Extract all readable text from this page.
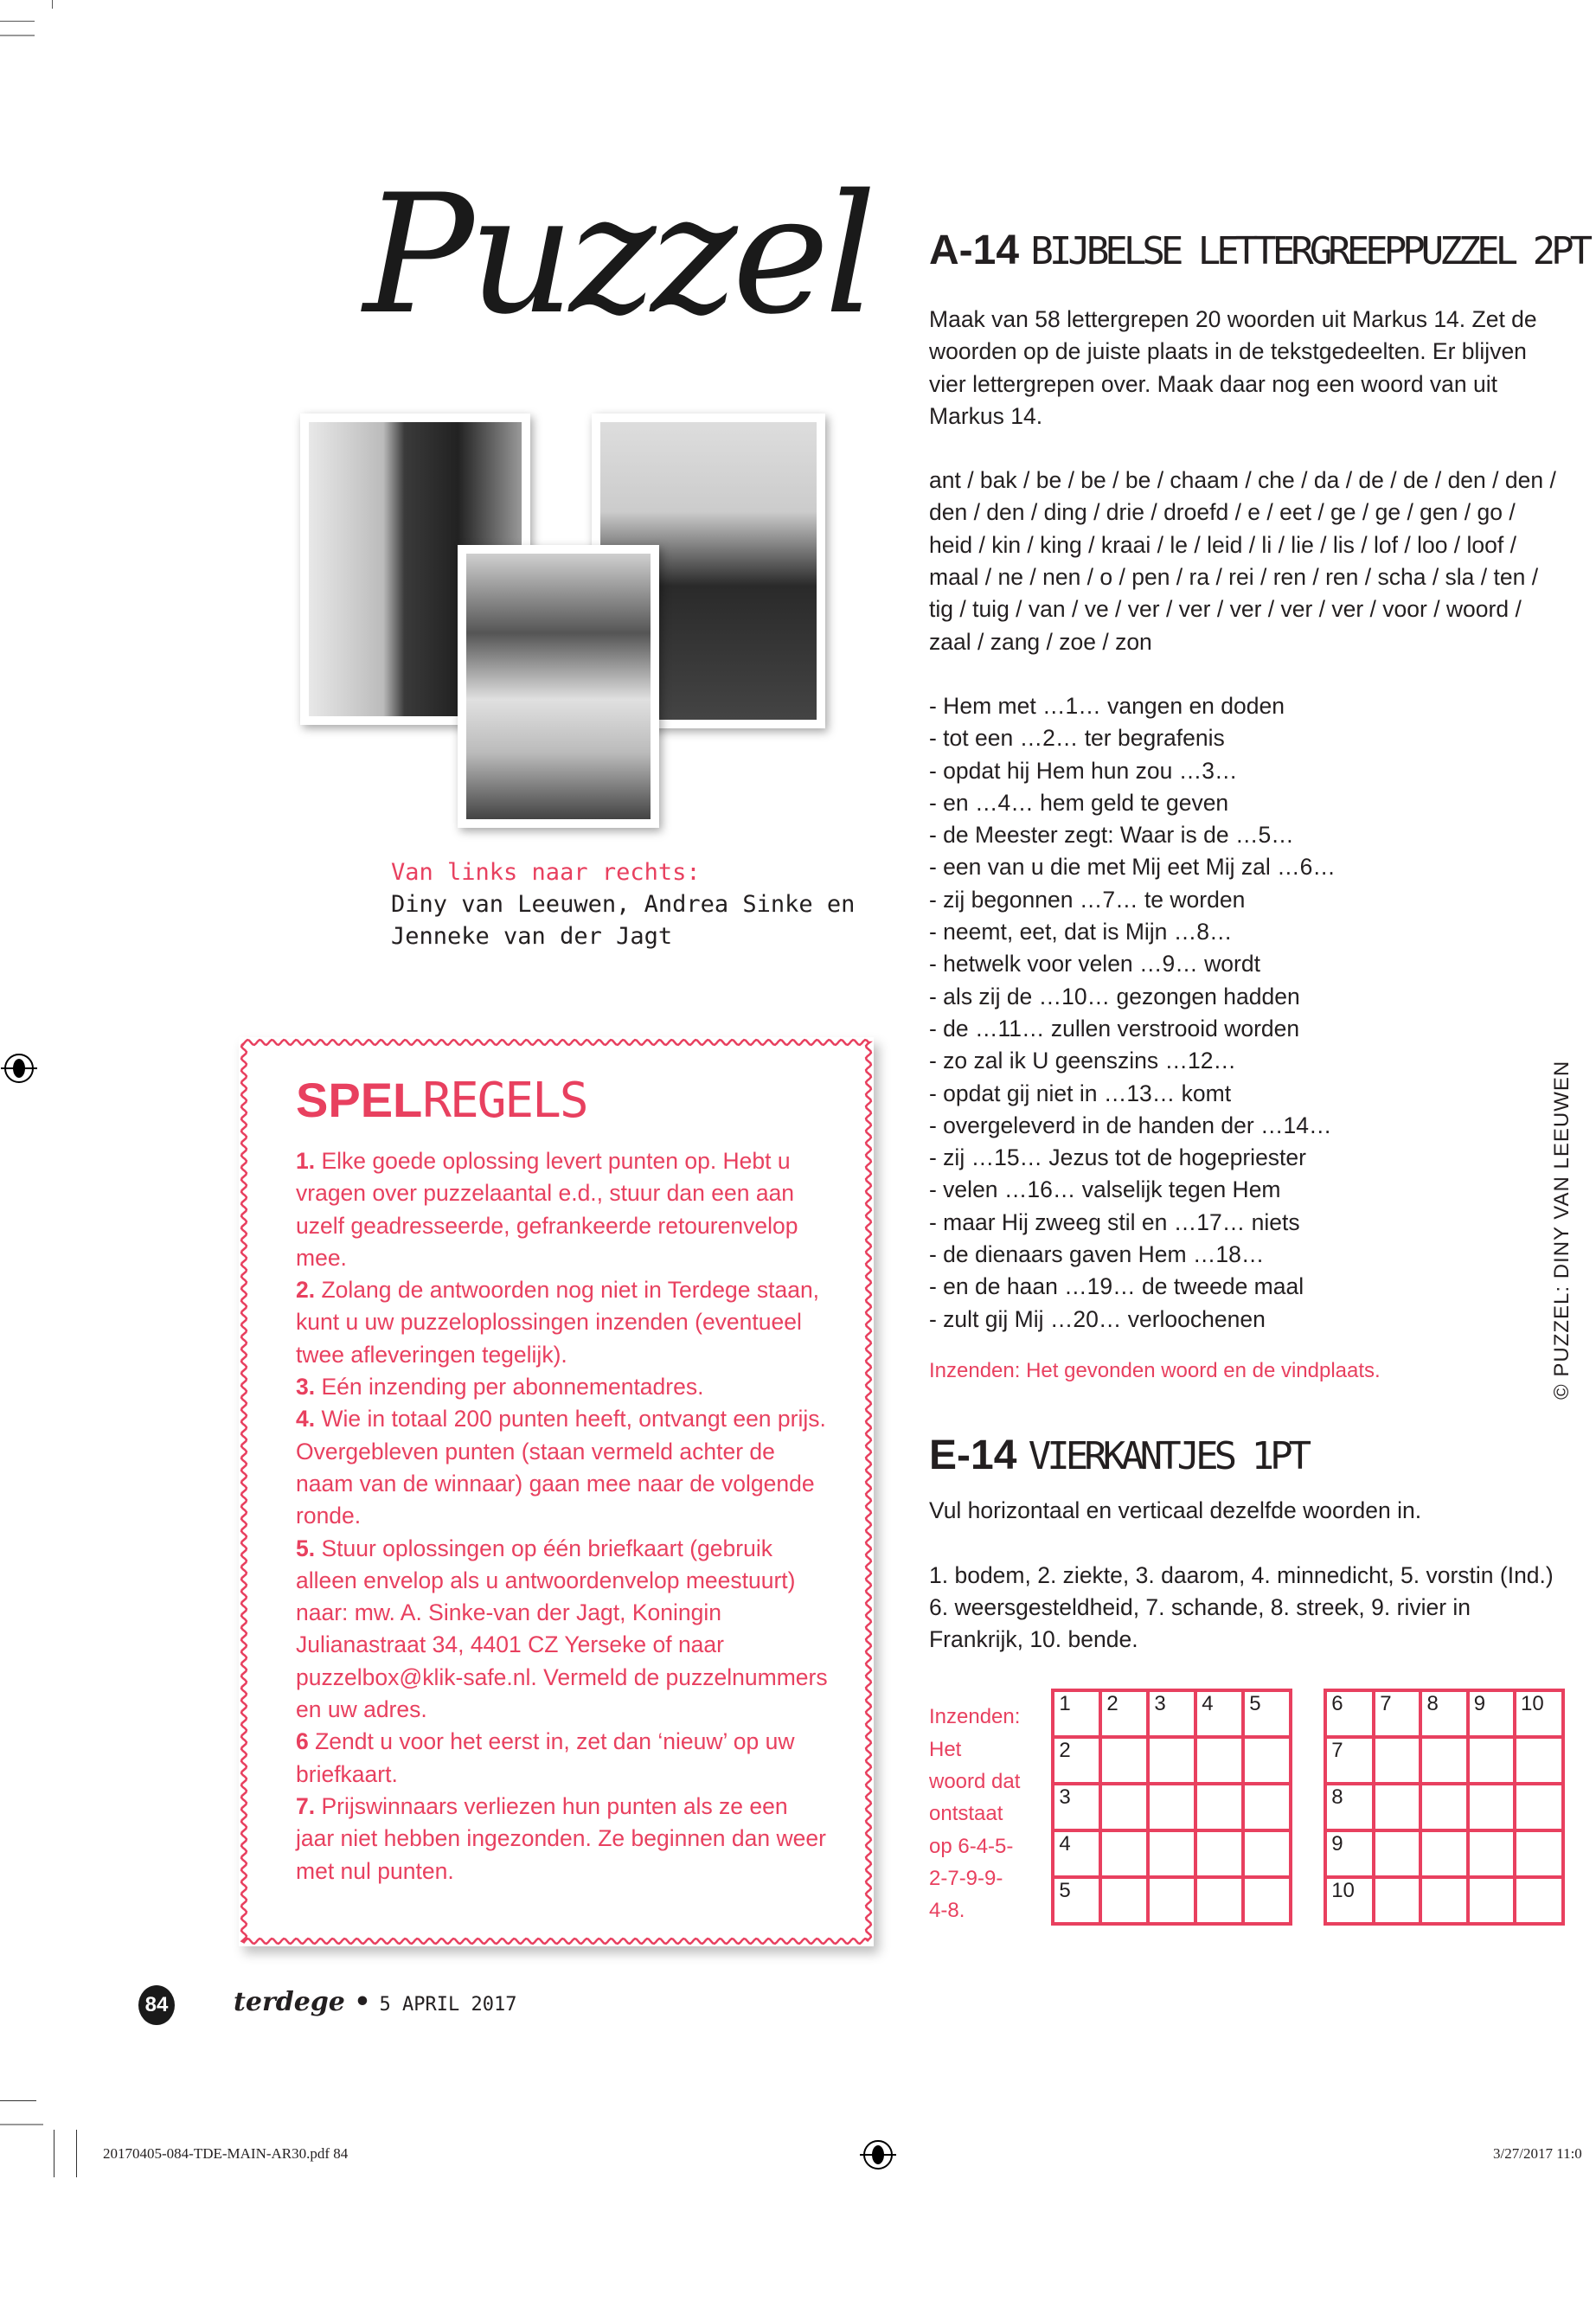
Puzzel
Van links naar rechts:
Diny van Leeuwen, Andrea Sinke en
Jenneke van der Jagt
SPELREGELS

1. Elke goede oplossing levert punten op. Hebt u vragen over puzzelaantal e.d., stuur dan een aan uzelf geadresseerde, gefrankeerde retourenvelop mee.

2. Zolang de antwoorden nog niet in Terdege staan, kunt u uw puzzeloplossingen inzenden (eventueel twee afleveringen tegelijk).

3. Eén inzending per abonnementadres.

4. Wie in totaal 200 punten heeft, ontvangt een prijs. Overgebleven punten (staan vermeld achter de naam van de winnaar) gaan mee naar de volgende ronde.

5. Stuur oplossingen op één briefkaart (gebruik alleen envelop als u antwoordenvelop meestuurt) naar: mw. A. Sinke-van der Jagt, Koningin Julianastraat 34, 4401 CZ Yerseke of naar puzzelbox@klik-safe.nl. Vermeld de puzzelnummers en uw adres.

6 Zendt u voor het eerst in, zet dan ‘nieuw’ op uw briefkaart.

7. Prijswinnaars verliezen hun punten als ze een jaar niet hebben ingezonden. Ze beginnen dan weer met nul punten.

A-14 BIJBELSE LETTERGREEPPUZZEL 2PT
Maak van 58 lettergrepen 20 woorden uit Markus 14. Zet de woorden op de juiste plaats in de tekstgedeelten. Er blijven vier lettergrepen over. Maak daar nog een woord van uit Markus 14.
ant / bak / be / be / be / chaam / che / da / de / de / den / den / den / den / ding / drie / droefd / e / eet / ge / ge / gen / go / heid / kin / king / kraai / le / leid / li / lie / lis / lof / loo / loof / maal / ne / nen / o / pen / ra / rei / ren / ren / scha / sla / ten / tig / tuig / van / ve / ver / ver / ver / ver / ver / voor / woord / zaal / zang / zoe / zon
- Hem met …1… vangen en doden
- tot een …2… ter begrafenis
- opdat hij Hem hun zou …3…
- en …4… hem geld te geven
- de Meester zegt: Waar is de …5…
- een van u die met Mij eet Mij zal …6…
- zij begonnen …7… te worden
- neemt, eet, dat is Mijn …8…
- hetwelk voor velen …9… wordt
- als zij de …10… gezongen hadden
- de …11… zullen verstrooid worden
- zo zal ik U geenszins …12…
- opdat gij niet in …13… komt
- overgeleverd in de handen der …14…
- zij …15… Jezus tot de hogepriester
- velen …16… valselijk tegen Hem
- maar Hij zweeg stil en …17… niets
- de dienaars gaven Hem …18…
- en de haan …19… de tweede maal
- zult gij Mij …20… verloochenen
Inzenden: Het gevonden woord en de vindplaats.
E-14 VIERKANTJES 1PT
Vul horizontaal en verticaal dezelfde woorden in.
1. bodem, 2. ziekte, 3. daarom, 4. minnedicht, 5. vorstin (Ind.) 6. weersgesteldheid, 7. schande, 8. streek, 9. rivier in Frankrijk, 10. bende.
Inzenden:
Het
woord dat
ontstaat
op 6-4-5-
2-7-9-9-
4-8.
1	2	3	4	5
2				
3				
4				
5				
6	7	8	9	10
7				
8				
9				
10				
© PUZZEL: DINY VAN LEEUWEN
84	terdege • 5 APRIL 2017
20170405-084-TDE-MAIN-AR30.pdf 84	3/27/2017 11:0
